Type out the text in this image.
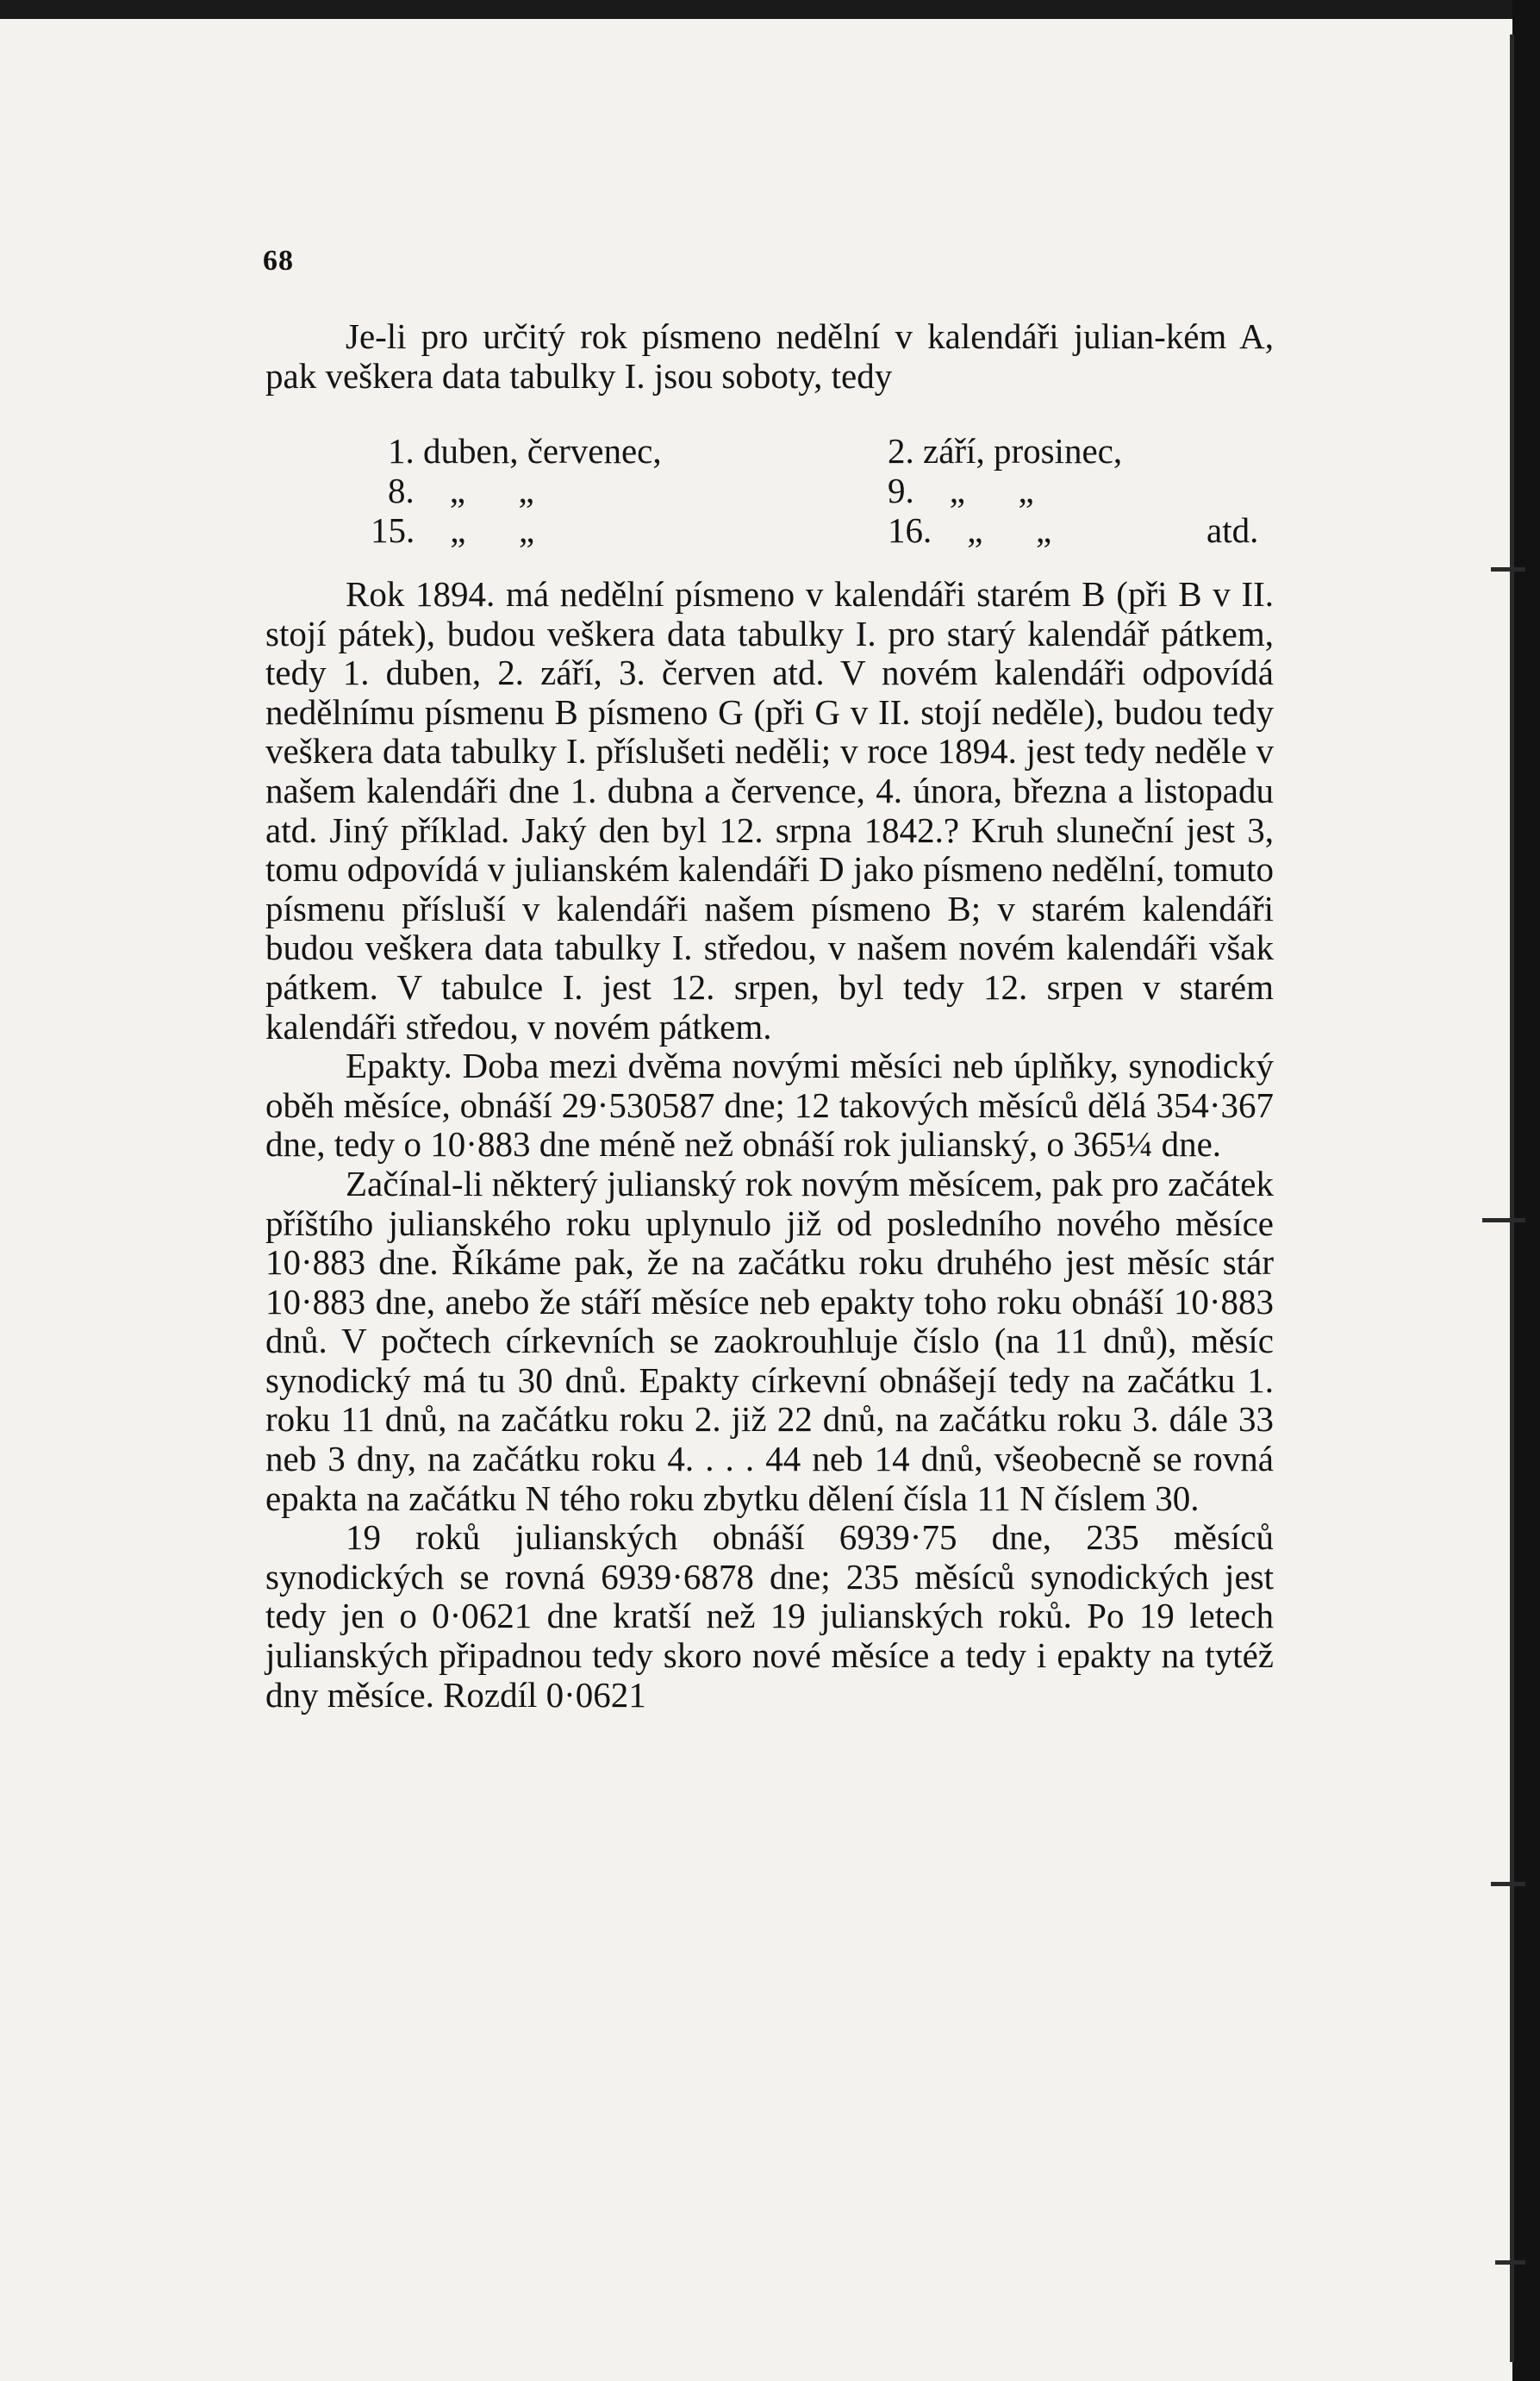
68

Je-li pro určitý rok písmeno nedělní v kalendáři julian-kém A, pak veškera data tabulky I. jsou soboty, tedy

1. duben, červenec,	2. září, prosinec,
8.    „      „	9.    „      „
15.    „      „	16.    „      „	atd.

Rok 1894. má nedělní písmeno v kalendáři starém B (při B v II. stojí pátek), budou veškera data tabulky I. pro starý kalendář pátkem, tedy 1. duben, 2. září, 3. červen atd. V novém kalendáři odpovídá nedělnímu písmenu B písmeno G (při G v II. stojí neděle), budou tedy veškera data tabulky I. příslušeti neděli; v roce 1894. jest tedy neděle v našem kalendáři dne 1. dubna a července, 4. února, března a listopadu atd. Jiný příklad. Jaký den byl 12. srpna 1842.? Kruh sluneční jest 3, tomu odpovídá v julianském kalendáři D jako písmeno nedělní, tomuto písmenu přísluší v kalendáři našem písmeno B; v starém kalendáři budou veškera data tabulky I. středou, v našem novém kalendáři však pátkem. V tabulce I. jest 12. srpen, byl tedy 12. srpen v starém kalendáři středou, v novém pátkem.

Epakty. Doba mezi dvěma novými měsíci neb úplňky, synodický oběh měsíce, obnáší 29·530587 dne; 12 takových měsíců dělá 354·367 dne, tedy o 10·883 dne méně než obnáší rok julianský, o 365¼ dne.

Začínal-li některý julianský rok novým měsícem, pak pro začátek příštího julianského roku uplynulo již od posledního nového měsíce 10·883 dne. Říkáme pak, že na začátku roku druhého jest měsíc stár 10·883 dne, anebo že stáří měsíce neb epakty toho roku obnáší 10·883 dnů. V počtech církevních se zaokrouhluje číslo (na 11 dnů), měsíc synodický má tu 30 dnů. Epakty církevní obnášejí tedy na začátku 1. roku 11 dnů, na začátku roku 2. již 22 dnů, na začátku roku 3. dále 33 neb 3 dny, na začátku roku 4. . . . 44 neb 14 dnů, všeobecně se rovná epakta na začátku N tého roku zbytku dělení čísla 11 N číslem 30.

19 roků julianských obnáší 6939·75 dne, 235 měsíců synodických se rovná 6939·6878 dne; 235 měsíců synodických jest tedy jen o 0·0621 dne kratší než 19 julianských roků. Po 19 letech julianských připadnou tedy skoro nové měsíce a tedy i epakty na tytéž dny měsíce. Rozdíl 0·0621
